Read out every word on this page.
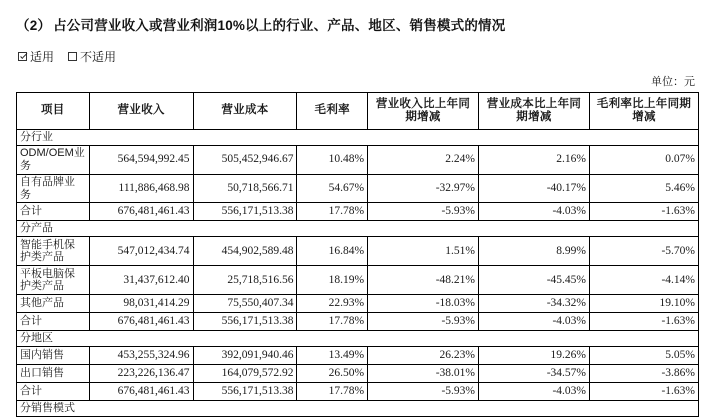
（2） 占公司营业收入或营业利润10%以上的行业、产品、地区、销售模式的情况
适用 不适用
单位：元
项目	营业收入	营业成本	毛利率	营业收入比上年同期增减	营业成本比上年同期增减	毛利率比上年同期增减
分行业						
ODM/OEM业务	564,594,992.45	505,452,946.67	10.48%	2.24%	2.16%	0.07%
自有品牌业务	111,886,468.98	50,718,566.71	54.67%	-32.97%	-40.17%	5.46%
合计	676,481,461.43	556,171,513.38	17.78%	-5.93%	-4.03%	-1.63%
分产品						
智能手机保护类产品	547,012,434.74	454,902,589.48	16.84%	1.51%	8.99%	-5.70%
平板电脑保护类产品	31,437,612.40	25,718,516.56	18.19%	-48.21%	-45.45%	-4.14%
其他产品	98,031,414.29	75,550,407.34	22.93%	-18.03%	-34.32%	19.10%
合计	676,481,461.43	556,171,513.38	17.78%	-5.93%	-4.03%	-1.63%
分地区						
国内销售	453,255,324.96	392,091,940.46	13.49%	26.23%	19.26%	5.05%
出口销售	223,226,136.47	164,079,572.92	26.50%	-38.01%	-34.57%	-3.86%
合计	676,481,461.43	556,171,513.38	17.78%	-5.93%	-4.03%	-1.63%
分销售模式						
